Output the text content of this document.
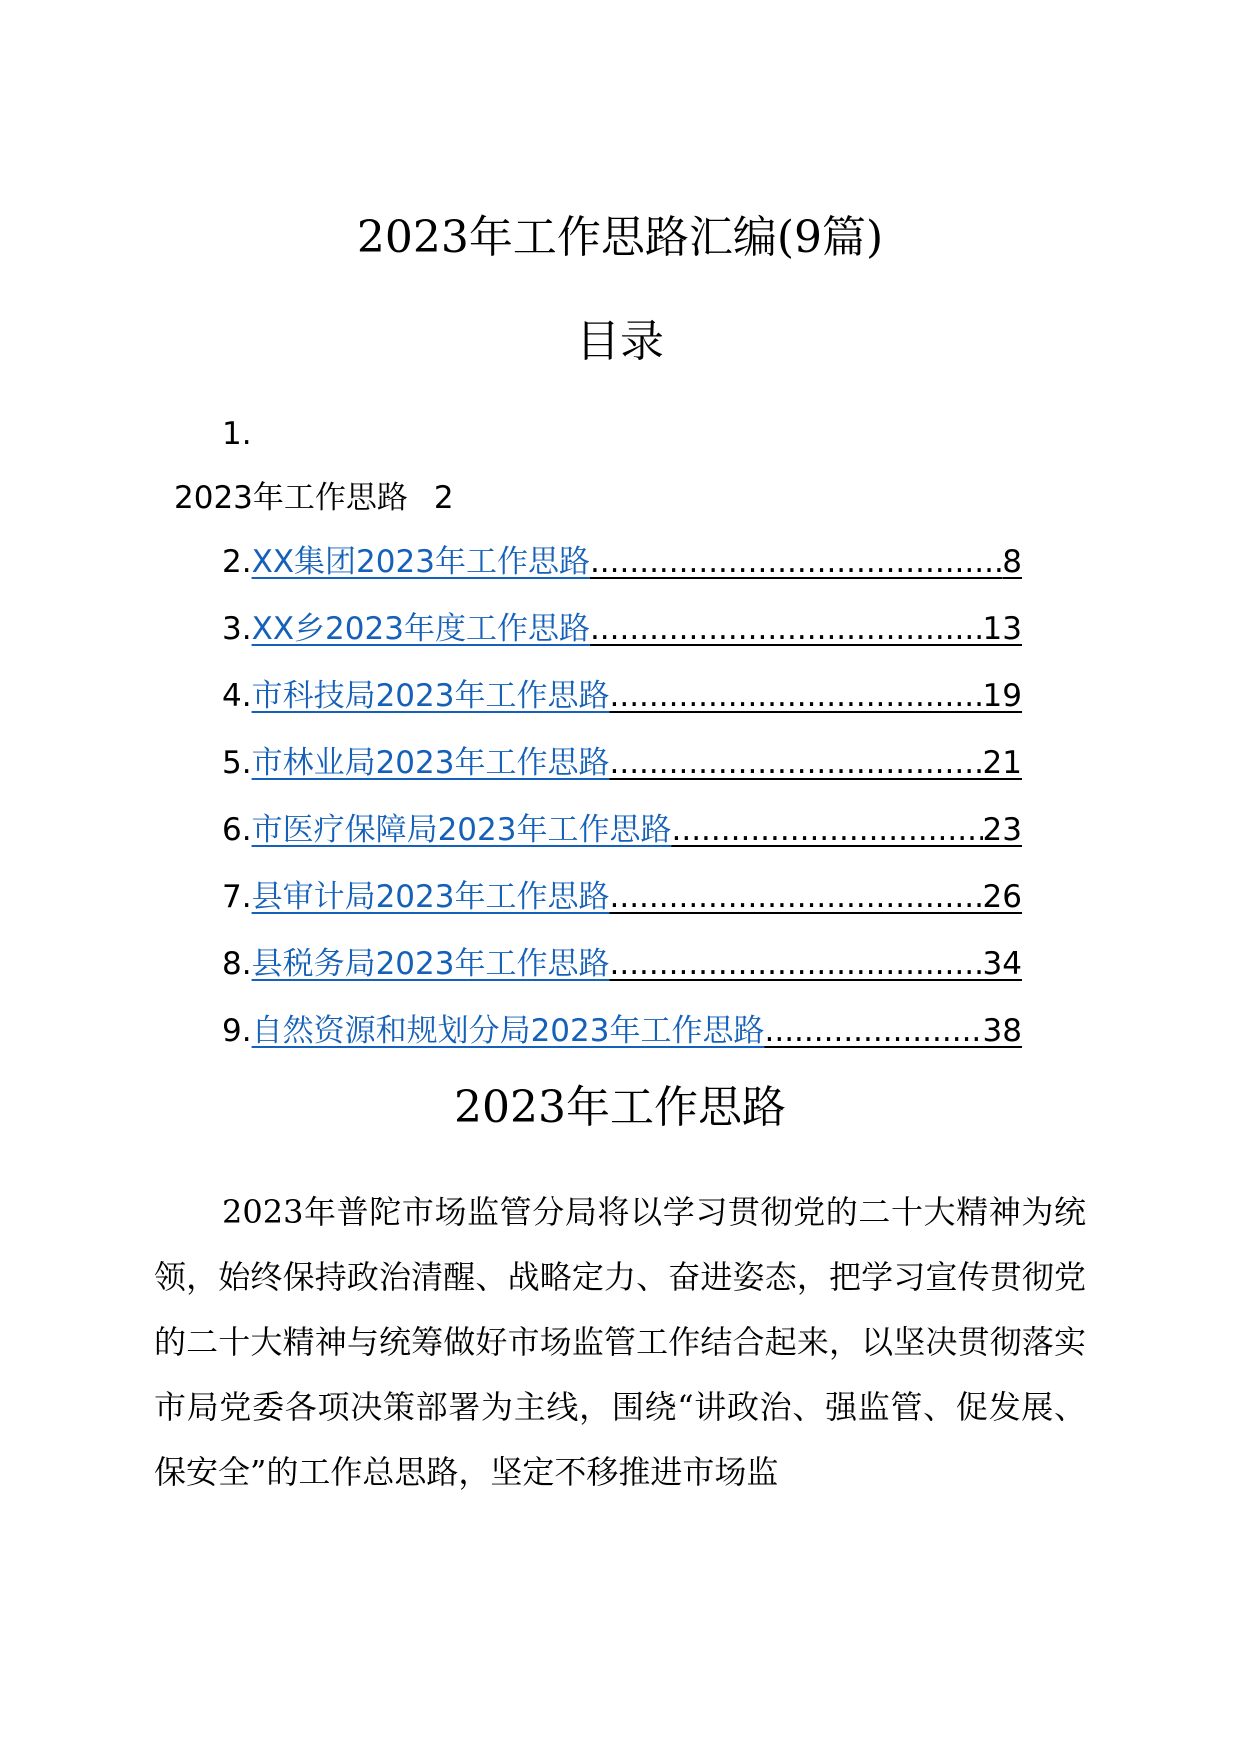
2023年工作思路汇编(9篇)
目录
1.
2023年工作思路 2
2. XX集团2023年工作思路 .....	8
3. XX乡2023年度工作思路 .....	13
4. 市科技局2023年工作思路 .....	19
5. 市林业局2023年工作思路 .....	21
6. 市医疗保障局2023年工作思路 .....	23
7. 县审计局2023年工作思路 .....	26
8. 县税务局2023年工作思路 .....	34
9. 自然资源和规划分局2023年工作思路 .....	38
2023年工作思路

2023年普陀市场监管分局将以学习贯彻党的二十大精神为统领，始终保持政治清醒、战略定力、奋进姿态，把学习宣传贯彻党的二十大精神与统筹做好市场监管工作结合起来，以坚决贯彻落实市局党委各项决策部署为主线，围绕“讲政治、强监管、促发展、保安全”的工作总思路，坚定不移推进市场监
